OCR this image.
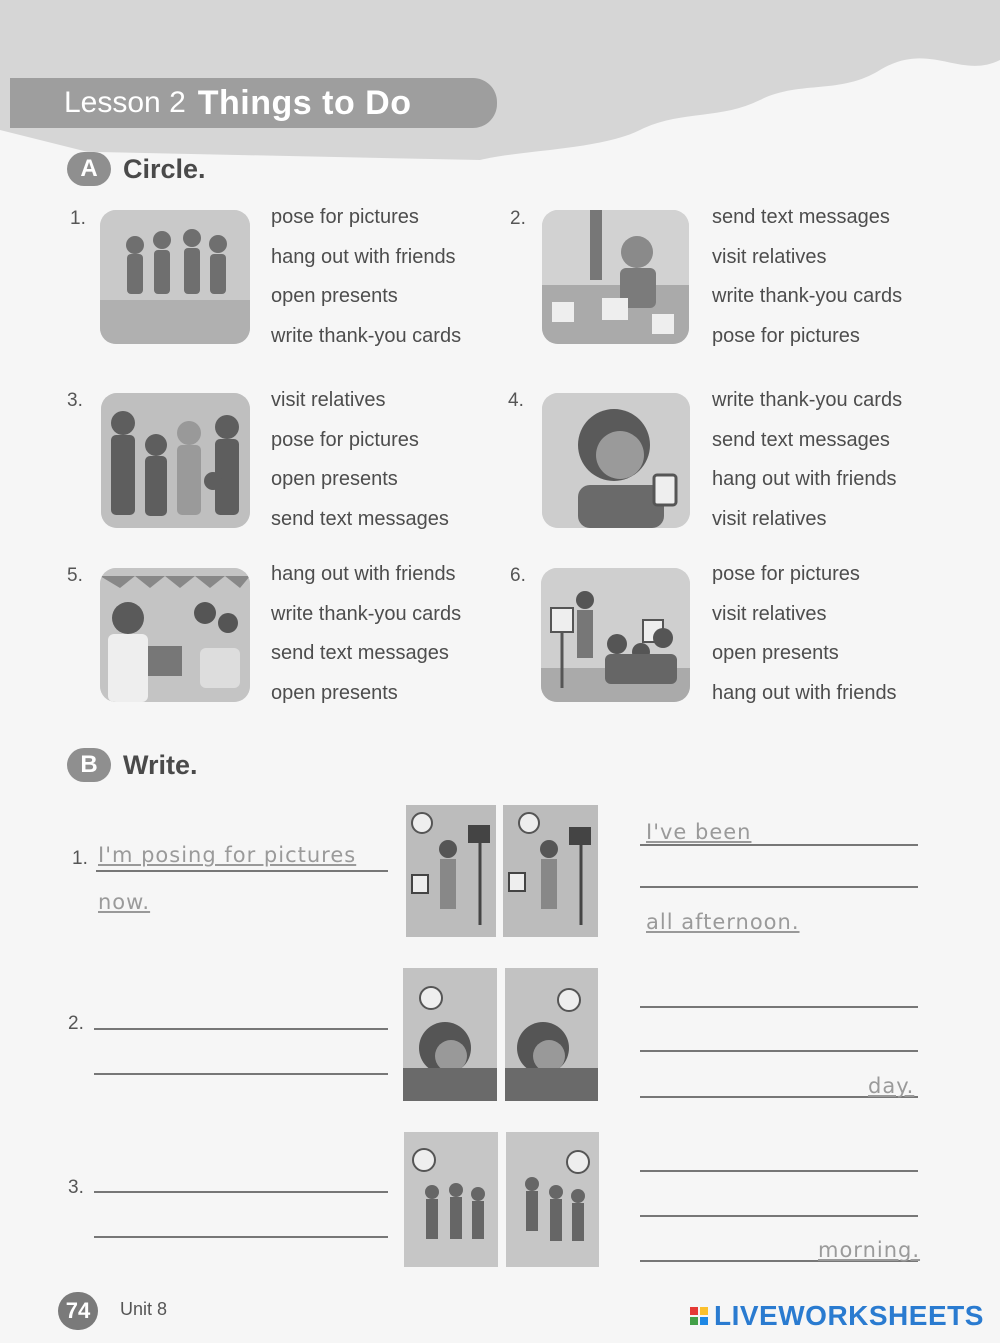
Lesson 2 Things to Do
A Circle.
1.	pose for pictures
hang out with friends
open presents
write thank-you cards
2.	send text messages
visit relatives
write thank-you cards
pose for pictures
3.	visit relatives
pose for pictures
open presents
send text messages
4.	write thank-you cards
send text messages
hang out with friends
visit relatives
5.	hang out with friends
write thank-you cards
send text messages
open presents
6.	pose for pictures
visit relatives
open presents
hang out with friends
B Write.
1. I'm posing for pictures
now.
I've been
all afternoon.
2.
day.
3.
morning.
74	Unit 8	LIVEWORKSHEETS
